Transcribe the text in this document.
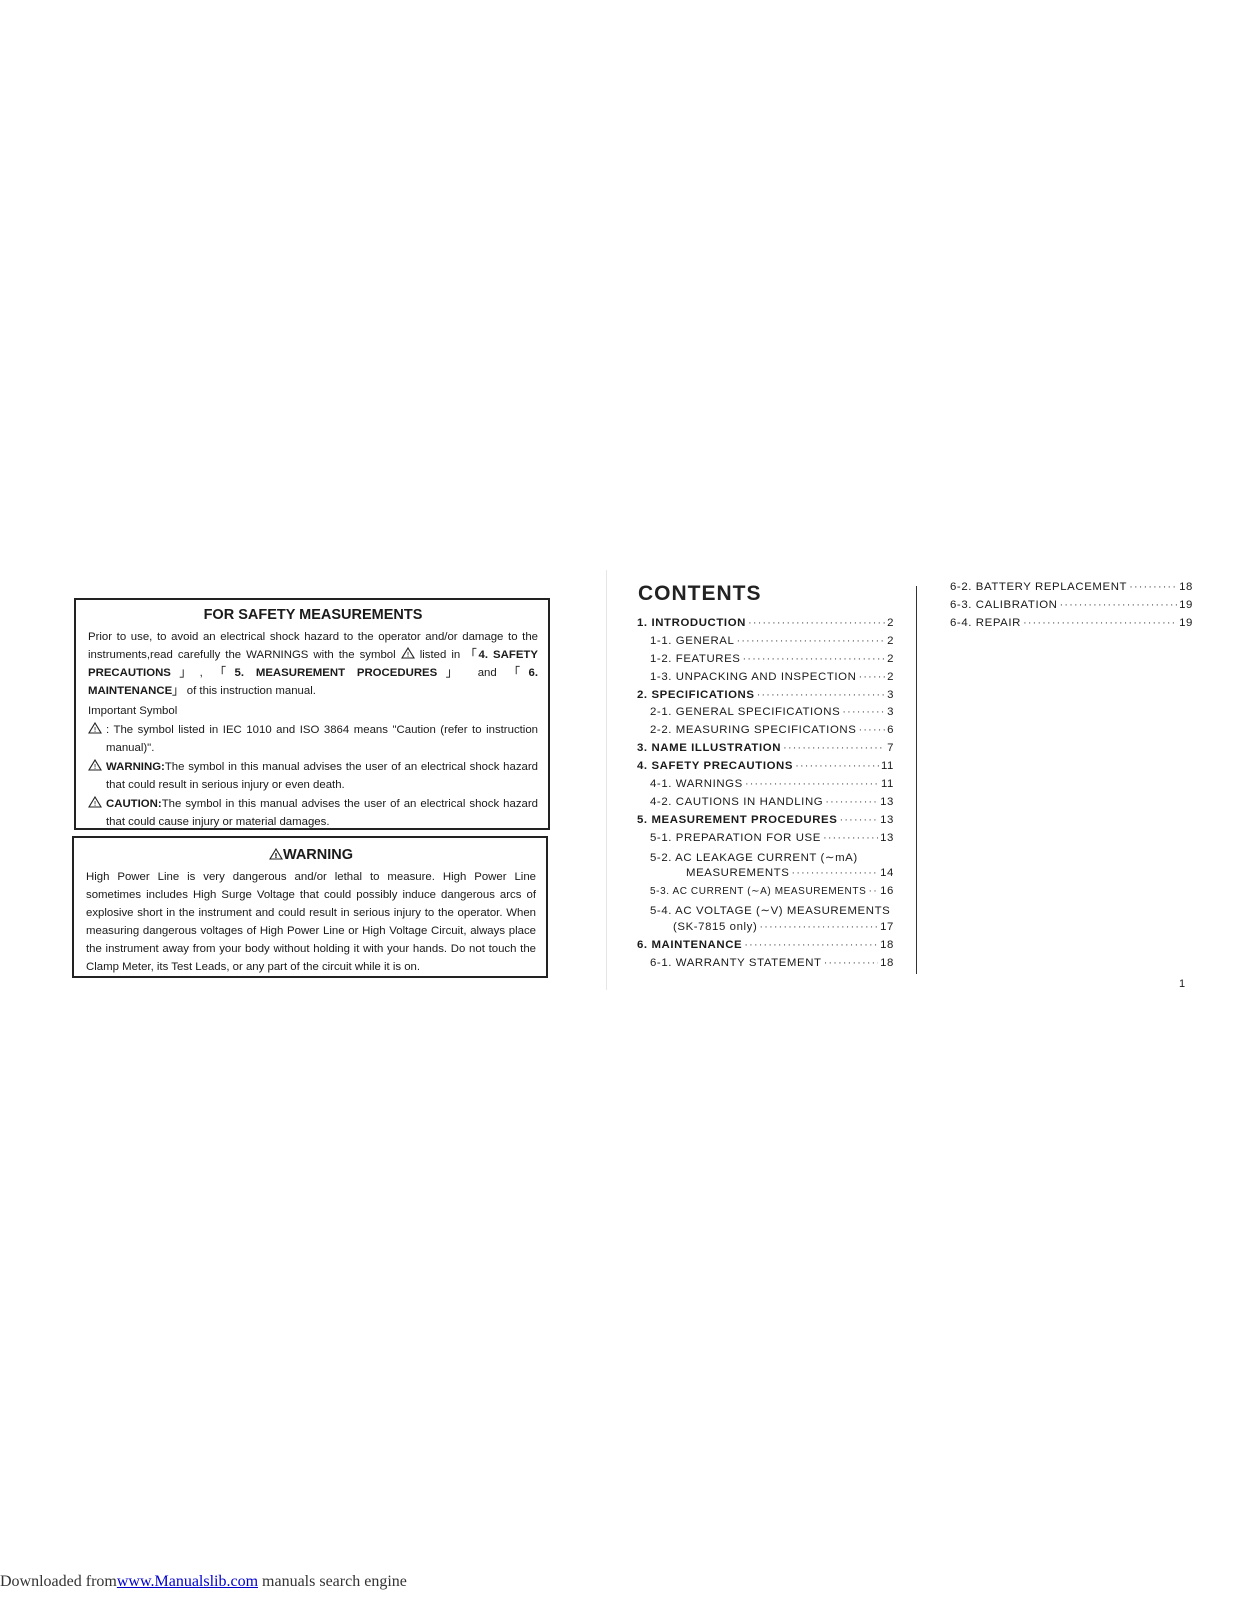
FOR SAFETY MEASUREMENTS
Prior to use, to avoid an electrical shock hazard to the operator and/or damage to the instruments,read carefully the WARNINGS with the symbol ! listed in 「4. SAFETY PRECAUTIONS」, 「5. MEASUREMENT PROCEDURES」 and 「6. MAINTENANCE」 of this instruction manual.
Important Symbol
! : The symbol listed in IEC 1010 and ISO 3864 means "Caution (refer to instruction manual)".
! WARNING:The symbol in this manual advises the user of an electrical shock hazard that could result in serious injury or even death.
! CAUTION:The symbol in this manual advises the user of an electrical shock hazard that could cause injury or material damages.
! WARNING
High Power Line is very dangerous and/or lethal to measure. High Power Line sometimes includes High Surge Voltage that could possibly induce dangerous arcs of explosive short in the instrument and could result in serious injury to the operator. When measuring dangerous voltages of High Power Line or High Voltage Circuit, always place the instrument away from your body without holding it with your hands. Do not touch the Clamp Meter, its Test Leads, or any part of the circuit while it is on.
CONTENTS
1. INTRODUCTION ·····	2
1-1. GENERAL ·····	2
1-2. FEATURES ·····	2
1-3. UNPACKING AND INSPECTION ·····	2
2. SPECIFICATIONS ·····	3
2-1. GENERAL SPECIFICATIONS ·····	3
2-2. MEASURING SPECIFICATIONS ·····	6
3. NAME ILLUSTRATION ·····	7
4. SAFETY PRECAUTIONS ·····	11
4-1. WARNINGS ·····	11
4-2. CAUTIONS IN HANDLING ·····	13
5. MEASUREMENT PROCEDURES ·····	13
5-1. PREPARATION FOR USE ·····	13
5-2. AC LEAKAGE CURRENT (∼mA)
MEASUREMENTS ·····	14
5-3. AC CURRENT (∼A) MEASUREMENTS ····· 16
5-4. AC VOLTAGE (∼V) MEASUREMENTS
(SK-7815 only) ·····	17
6. MAINTENANCE ·····	18
6-1. WARRANTY STATEMENT ·····	18
6-2. BATTERY REPLACEMENT ·····	18
6-3. CALIBRATION ·····	19
6-4. REPAIR ·····	19
1
Downloaded fromwww.Manualslib.com manuals search engine
